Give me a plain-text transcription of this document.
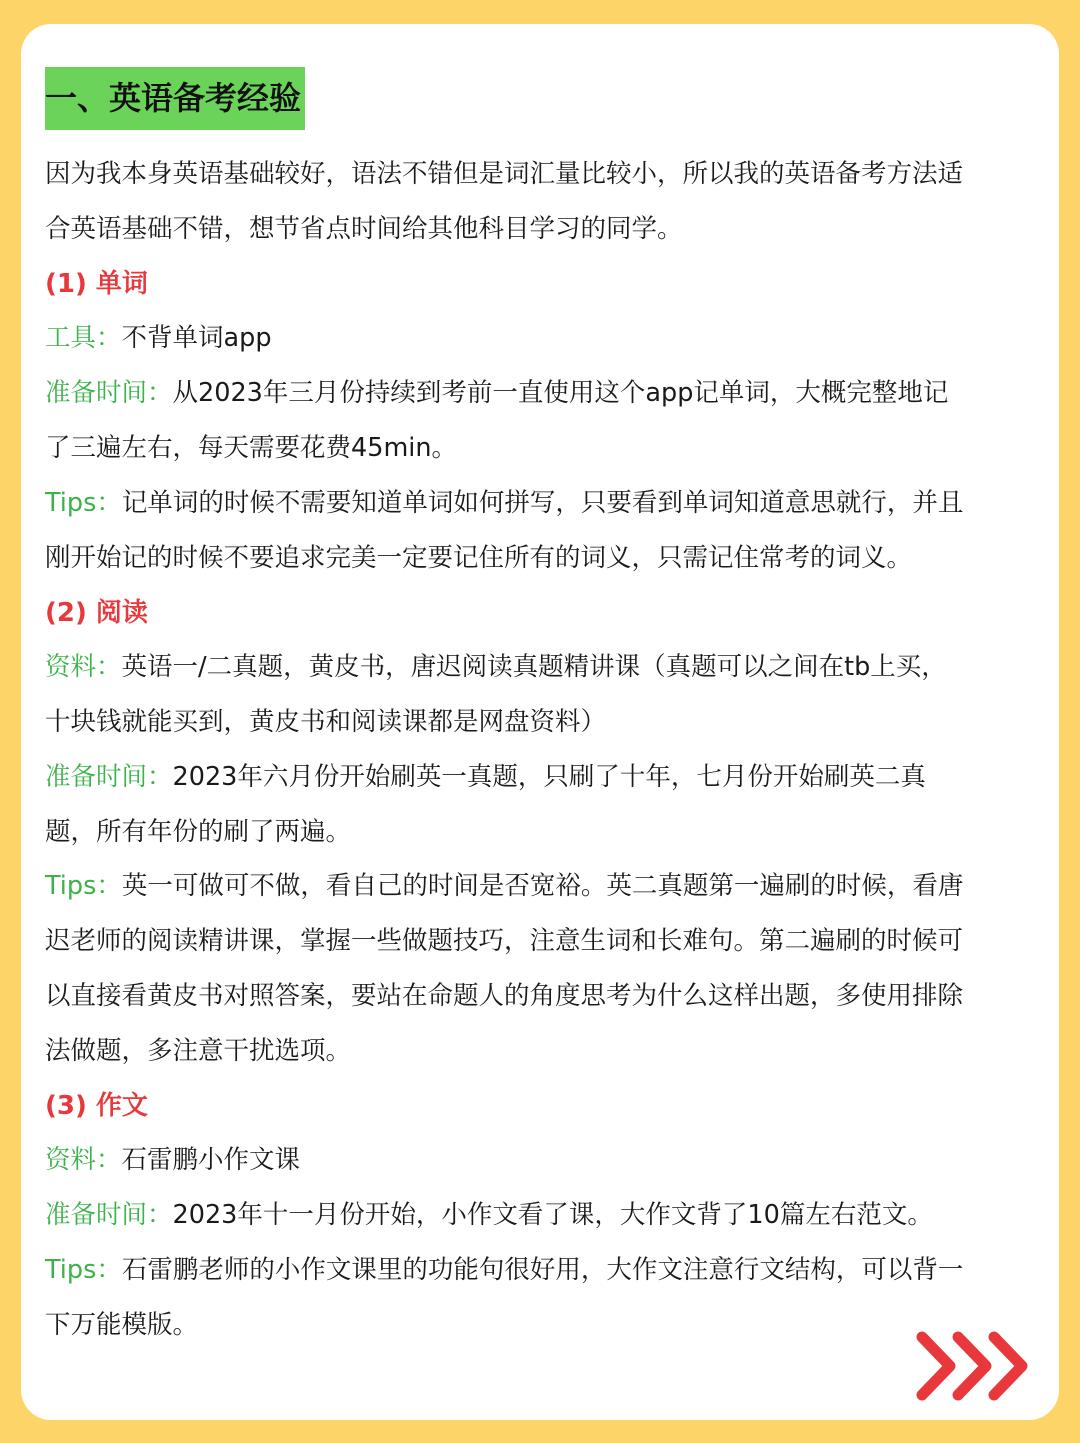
一、英语备考经验
因为我本身英语基础较好，语法不错但是词汇量比较小，所以我的英语备考方法适
合英语基础不错，想节省点时间给其他科目学习的同学。
(1) 单词
工具：不背单词app
准备时间：从2023年三月份持续到考前一直使用这个app记单词，大概完整地记
了三遍左右，每天需要花费45min。
Tips：记单词的时候不需要知道单词如何拼写，只要看到单词知道意思就行，并且
刚开始记的时候不要追求完美一定要记住所有的词义，只需记住常考的词义。
(2) 阅读
资料：英语一/二真题，黄皮书，唐迟阅读真题精讲课（真题可以之间在tb上买，
十块钱就能买到，黄皮书和阅读课都是网盘资料）
准备时间：2023年六月份开始刷英一真题，只刷了十年，七月份开始刷英二真
题，所有年份的刷了两遍。
Tips：英一可做可不做，看自己的时间是否宽裕。英二真题第一遍刷的时候，看唐
迟老师的阅读精讲课，掌握一些做题技巧，注意生词和长难句。第二遍刷的时候可
以直接看黄皮书对照答案，要站在命题人的角度思考为什么这样出题，多使用排除
法做题，多注意干扰选项。
(3) 作文
资料：石雷鹏小作文课
准备时间：2023年十一月份开始，小作文看了课，大作文背了10篇左右范文。
Tips：石雷鹏老师的小作文课里的功能句很好用，大作文注意行文结构，可以背一
下万能模版。
